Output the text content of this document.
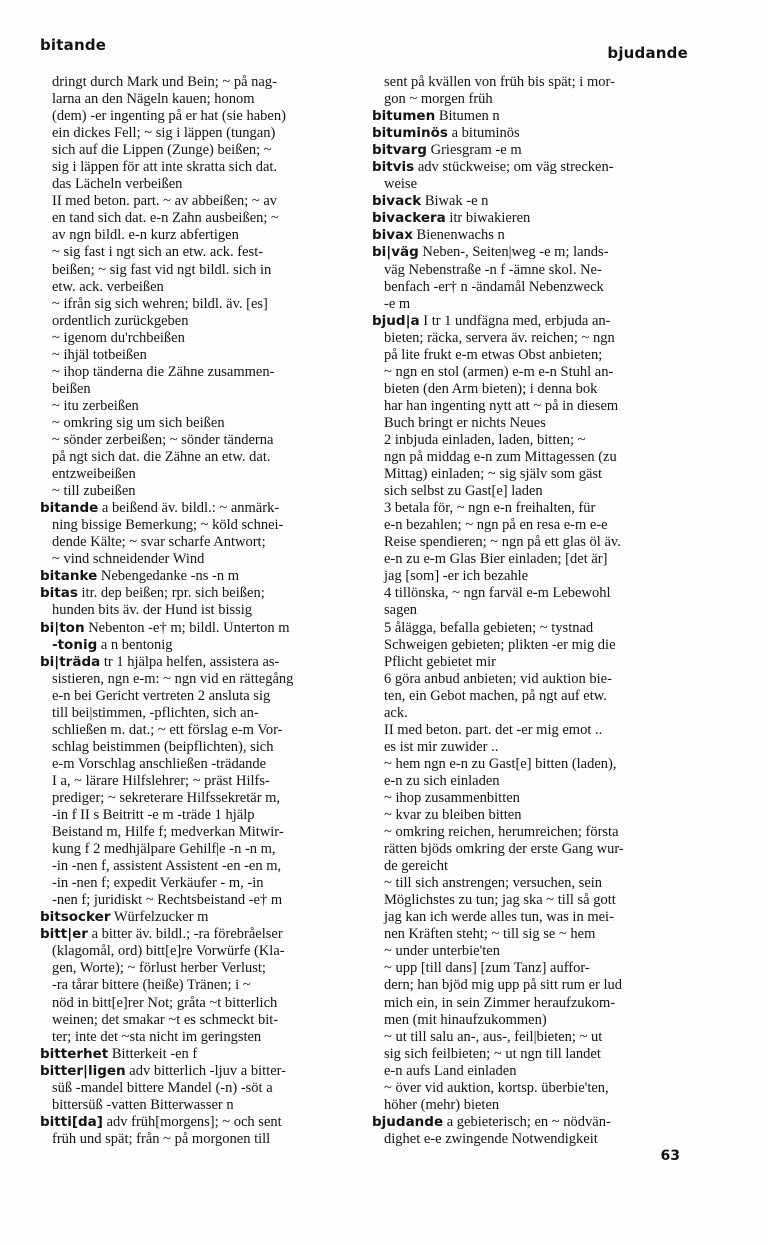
bitande	bjudande
dringt durch Mark und Bein; ~ på nag-
larna an den Nägeln kauen; honom
(dem) -er ingenting på er hat (sie haben)
ein dickes Fell; ~ sig i läppen (tungan)
sich auf die Lippen (Zunge) beißen; ~
sig i läppen för att inte skratta sich dat.
das Lächeln verbeißen
II med beton. part. ~ av abbeißen; ~ av
en tand sich dat. e-n Zahn ausbeißen; ~
av ngn bildl. e-n kurz abfertigen
~ sig fast i ngt sich an etw. ack. fest-
beißen; ~ sig fast vid ngt bildl. sich in
etw. ack. verbeißen
~ ifrån sig sich wehren; bildl. äv. [es]
ordentlich zurückgeben
~ igenom du'rchbeißen
~ ihjäl totbeißen
~ ihop tänderna die Zähne zusammen-
beißen
~ itu zerbeißen
~ omkring sig um sich beißen
~ sönder zerbeißen; ~ sönder tänderna
på ngt sich dat. die Zähne an etw. dat.
entzweibeißen
~ till zubeißen
bitande a beißend äv. bildl.: ~ anmärk-
ning bissige Bemerkung; ~ köld schnei-
dende Kälte; ~ svar scharfe Antwort;
~ vind schneidender Wind
bitanke Nebengedanke -ns -n m
bitas itr. dep beißen; rpr. sich beißen;
hunden bits äv. der Hund ist bissig
bi|ton Nebenton -e† m; bildl. Unterton m
-tonig a n bentonig
bi|träda tr 1 hjälpa helfen, assistera as-
sistieren, ngn e-m: ~ ngn vid en rättegång
e-n bei Gericht vertreten 2 ansluta sig
till bei|stimmen, -pflichten, sich an-
schließen m. dat.; ~ ett förslag e-m Vor-
schlag beistimmen (beipflichten), sich
e-m Vorschlag anschließen -trädande
I a, ~ lärare Hilfslehrer; ~ präst Hilfs-
prediger; ~ sekreterare Hilfssekretär m,
-in f II s Beitritt -e m -träde 1 hjälp
Beistand m, Hilfe f; medverkan Mitwir-
kung f 2 medhjälpare Gehilf|e -n -n m,
-in -nen f, assistent Assistent -en -en m,
-in -nen f; expedit Verkäufer - m, -in
-nen f; juridiskt ~ Rechtsbeistand -e† m
bitsocker Würfelzucker m
bitt|er a bitter äv. bildl.; -ra förebråelser
(klagomål, ord) bitt[e]re Vorwürfe (Kla-
gen, Worte); ~ förlust herber Verlust;
-ra tårar bittere (heiße) Tränen; i ~
nöd in bitt[e]rer Not; gråta ~t bitterlich
weinen; det smakar ~t es schmeckt bit-
ter; inte det ~sta nicht im geringsten
bitterhet Bitterkeit -en f
bitter|ligen adv bitterlich -ljuv a bitter-
süß -mandel bittere Mandel (-n) -söt a
bittersüß -vatten Bitterwasser n
bitti[da] adv früh[morgens]; ~ och sent
früh und spät; från ~ på morgonen till
sent på kvällen von früh bis spät; i mor-
gon ~ morgen früh
bitumen Bitumen n
bituminös a bituminös
bitvarg Griesgram -e m
bitvis adv stückweise; om väg strecken-
weise
bivack Biwak -e n
bivackera itr biwakieren
bivax Bienenwachs n
bi|väg Neben-, Seiten|weg -e m; lands-
väg Nebenstraße -n f -ämne skol. Ne-
benfach -er† n -ändamål Nebenzweck
-e m
bjud|a I tr 1 undfägna med, erbjuda an-
bieten; räcka, servera äv. reichen; ~ ngn
på lite frukt e-m etwas Obst anbieten;
~ ngn en stol (armen) e-m e-n Stuhl an-
bieten (den Arm bieten); i denna bok
har han ingenting nytt att ~ på in diesem
Buch bringt er nichts Neues
2 inbjuda einladen, laden, bitten; ~
ngn på middag e-n zum Mittagessen (zu
Mittag) einladen; ~ sig själv som gäst
sich selbst zu Gast[e] laden
3 betala för, ~ ngn e-n freihalten, für
e-n bezahlen; ~ ngn på en resa e-m e-e
Reise spendieren; ~ ngn på ett glas öl äv.
e-n zu e-m Glas Bier einladen; [det är]
jag [som] -er ich bezahle
4 tillönska, ~ ngn farväl e-m Lebewohl
sagen
5 ålägga, befalla gebieten; ~ tystnad
Schweigen gebieten; plikten -er mig die
Pflicht gebietet mir
6 göra anbud anbieten; vid auktion bie-
ten, ein Gebot machen, på ngt auf etw.
ack.
II med beton. part. det -er mig emot ..
es ist mir zuwider ..
~ hem ngn e-n zu Gast[e] bitten (laden),
e-n zu sich einladen
~ ihop zusammenbitten
~ kvar zu bleiben bitten
~ omkring reichen, herumreichen; första
rätten bjöds omkring der erste Gang wur-
de gereicht
~ till sich anstrengen; versuchen, sein
Möglichstes zu tun; jag ska ~ till så gott
jag kan ich werde alles tun, was in mei-
nen Kräften steht; ~ till sig se ~ hem
~ under unterbie'ten
~ upp [till dans] [zum Tanz] auffor-
dern; han bjöd mig upp på sitt rum er lud
mich ein, in sein Zimmer heraufzukom-
men (mit hinaufzukommen)
~ ut till salu an-, aus-, feil|bieten; ~ ut
sig sich feilbieten; ~ ut ngn till landet
e-n aufs Land einladen
~ över vid auktion, kortsp. überbie'ten,
höher (mehr) bieten
bjudande a gebieterisch; en ~ nödvän-
dighet e-e zwingende Notwendigkeit
63
